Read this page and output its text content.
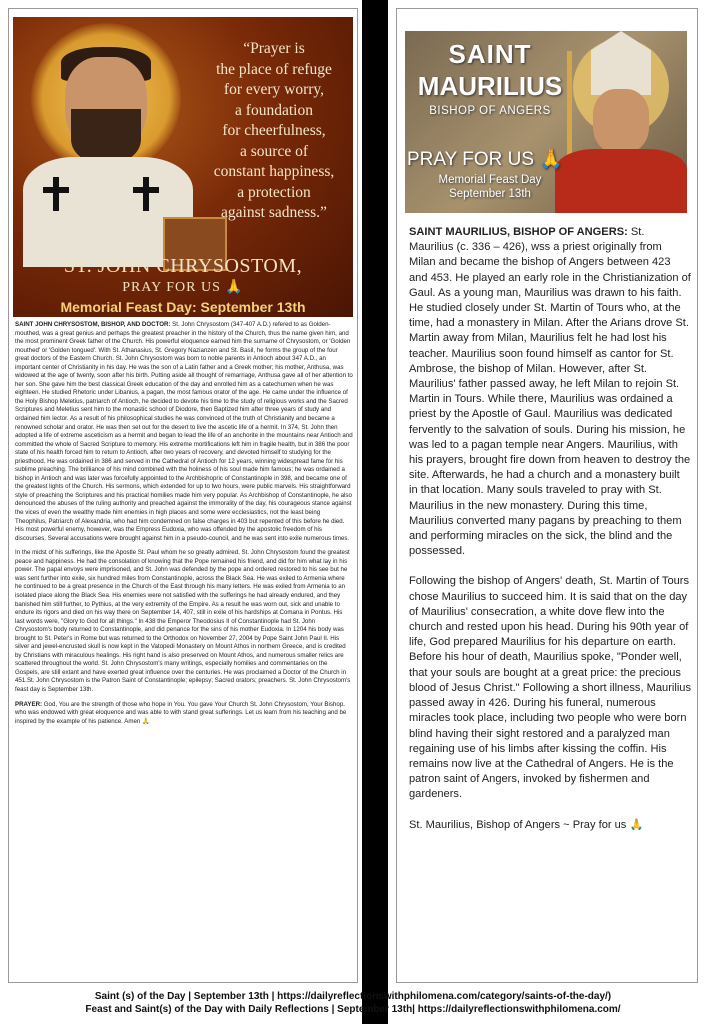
“Prayer is
the place of refuge
for every worry,
a foundation
for cheerfulness,
a source of
constant happiness,
a protection
against sadness.”
ST. JOHN CHRYSOSTOM,
PRAY FOR US 🙏
Memorial Feast Day: September 13th

SAINT JOHN CHRYSOSTOM, BISHOP, AND DOCTOR: St. John Chrysostom (347-407 A.D.) refered to as Golden-mouthed, was a great genius and perhaps the greatest preacher in the history of the Church, thus the name given him, and the most prominent Greek father of the Church. His powerful eloquence earned him the surname of Chrysostom, or 'Golden mouthed' or 'Golden tongued'. With St. Athanasius, St. Gregory Nazianzen and St. Basil, he forms the group of the four great doctors of the Eastern Church. St. John Chrysostom was born to noble parents in Antioch about 347 A.D., an important center of Christianity in his day. He was the son of a Latin father and a Greek mother; his mother, Anthusa, was widowed at the age of twenty, soon after his birth. Putting aside all thought of remarriage, Anthusa gave all of her attention to her son. She gave him the best classical Greek education of the day and enrolled him as a catechumen when he was eighteen. He studied Rhetoric under Libanius, a pagan, the most famous orator of the age. He came under the influence of the Holy Bishop Meletius, patriarch of Antioch, he decided to devote his time to the study of religious works and the Sacred Scriptures and Meletius sent him to the monastic school of Diodore, then Baptized him after three years of study and ordained him lector. As a result of his philosophical studies he was convinced of the truth of Christianity and became a renowned scholar and orator. He was then set out for the desert to live the ascetic life of a hermit. In 374, St. John then adopted a life of extreme asceticism as a hermit and began to lead the life of an anchorite in the mountains near Antioch and committed the whole of Sacred Scripture to memory. His extreme mortifications left him in fragile health, but in 386 the poor state of his health forced him to return to Antioch, after two years of recovery, and devoted himself to studying for the priesthood. He was ordained in 386 and served in the Cathedral of Antioch for 12 years, winning widespread fame for his sublime preaching. The brilliance of his mind combined with the holiness of his soul made him famous; he was ordained a bishop in Antioch and was later was forcefully appointed to the Archbishopric of Constantinople in 398, and became one of the greatest lights of the Church. His sermons, which extended for up to two hours, were public marvels. His straightforward style of preaching the Scriptures and his practical homilies made him very popular. As Archbishop of Constantinople, he also denounced the abuses of the ruling authority and preached against the immorality of the day, his courageous stance against the vices of even the wealthy made him enemies in high places and some were ecclesiastics, not the least being Theophilus, Patriarch of Alexandria, who had him condemned on false charges in 403 but repented of this before he died. His most powerful enemy, however, was the Empress Eudoxia, who was offended by the apostolic freedom of his discourses. Several accusations were brought against him in a pseudo-council, and he was sent into exile numerous times.

In the midst of his sufferings, like the Apostle St. Paul whom he so greatly admired, St. John Chrysostom found the greatest peace and happiness. He had the consolation of knowing that the Pope remained his friend, and did for him what lay in his power. The papal envoys were imprisoned, and St. John was defended by the pope and ordered restored to his see but he was sent further into exile, six hundred miles from Constantinople, across the Black Sea. He was exiled to Armenia where he continued to be a great presence in the Church of the East through his many letters. He was exiled from Armenia to an isolated place along the Black Sea. His enemies were not satisfied with the sufferings he had already endured, and they banished him still further, to Pythius, at the very extremity of the Empire. As a result he was worn out, sick and unable to endure its rigors and died on his way there on September 14, 407, still in exile of his hardships at Comana in Pontus. His last words were, "Glory to God for all things." In 438 the Emperor Theodosius II of Constantinople had St. John Chrysostom's body returned to Constantinople, and did penance for the sins of his mother Eudoxia. In 1204 his body was brought to St. Peter's in Rome but was returned to the Orthodox on November 27, 2004 by Pope Saint John Paul II. His silver and jewel-encrusted skull is now kept in the Vatopedi Monastery on Mount Athos in northern Greece, and is credited by Christians with miraculous healings. His right hand is also preserved on Mount Athos, and numerous smaller relics are scattered throughout the world. St. John Chrysostom's many writings, especially homilies and commentaries on the Gospels, are still extant and have exerted great influence over the centuries. He was proclaimed a Doctor of the Church in 451.St. John Chrysostom is the Patron Saint of Constantinople; epilepsy; Sacred orators; preachers. St. John Chrysostom's feast day is September 13th.

PRAYER: God, You are the strength of those who hope in You. You gave Your Church St. John Chrysostom, Your Bishop, who was endowed with great eloquence and was able to with stand great sufferings. Let us learn from his teaching and be inspired by the example of his patience. Amen 🙏

SAINT
MAURILIUS
BISHOP OF ANGERS
PRAY FOR US 🙏
Memorial Feast Day
September 13th

SAINT MAURILIUS, BISHOP OF ANGERS: St. Maurilius (c. 336 – 426), wss a priest originally from Milan and became the bishop of Angers between 423 and 453. He played an early role in the Christianization of Gaul. As a young man, Maurilius was drawn to his faith. He studied closely under St. Martin of Tours who, at the time, had a monastery in Milan. After the Arians drove St. Martin away from Milan, Maurilius felt he had lost his teacher. Maurilius soon found himself as cantor for St. Ambrose, the bishop of Milan. However, after St. Maurilius' father passed away, he left Milan to rejoin St. Martin in Tours. While there, Maurilius was ordained a priest by the Apostle of Gaul. Maurilius was dedicated fervently to the salvation of souls. During his mission, he was led to a pagan temple near Angers. Maurilius, with his prayers, brought fire down from heaven to destroy the site. Afterwards, he had a church and a monastery built in that location. Many souls traveled to pray with St. Maurilius in the new monastery. During this time, Maurilius converted many pagans by preaching to them and performing miracles on the sick, the blind and the possessed.

Following the bishop of Angers' death, St. Martin of Tours chose Maurilius to succeed him. It is said that on the day of Maurilius' consecration, a white dove flew into the church and rested upon his head. During his 90th year of life, God prepared Maurilius for his departure on earth. Before his hour of death, Maurilius spoke, "Ponder well, that your souls are bought at a great price: the precious blood of Jesus Christ." Following a short illness, Maurilius passed away in 426. During his funeral, numerous miracles took place, including two people who were born blind having their sight restored and a paralyzed man regaining use of his limbs after kissing the coffin. His remains now live at the Cathedral of Angers. He is the patron saint of Angers, invoked by fishermen and gardeners.

St. Maurilius, Bishop of Angers ~ Pray for us 🙏

Saint (s) of the Day | September 13th | https://dailyreflectionswithphilomena.com/category/saints-of-the-day/)
Feast and Saint(s) of the Day with Daily Reflections | September 13th| https://dailyreflectionswithphilomena.com/
